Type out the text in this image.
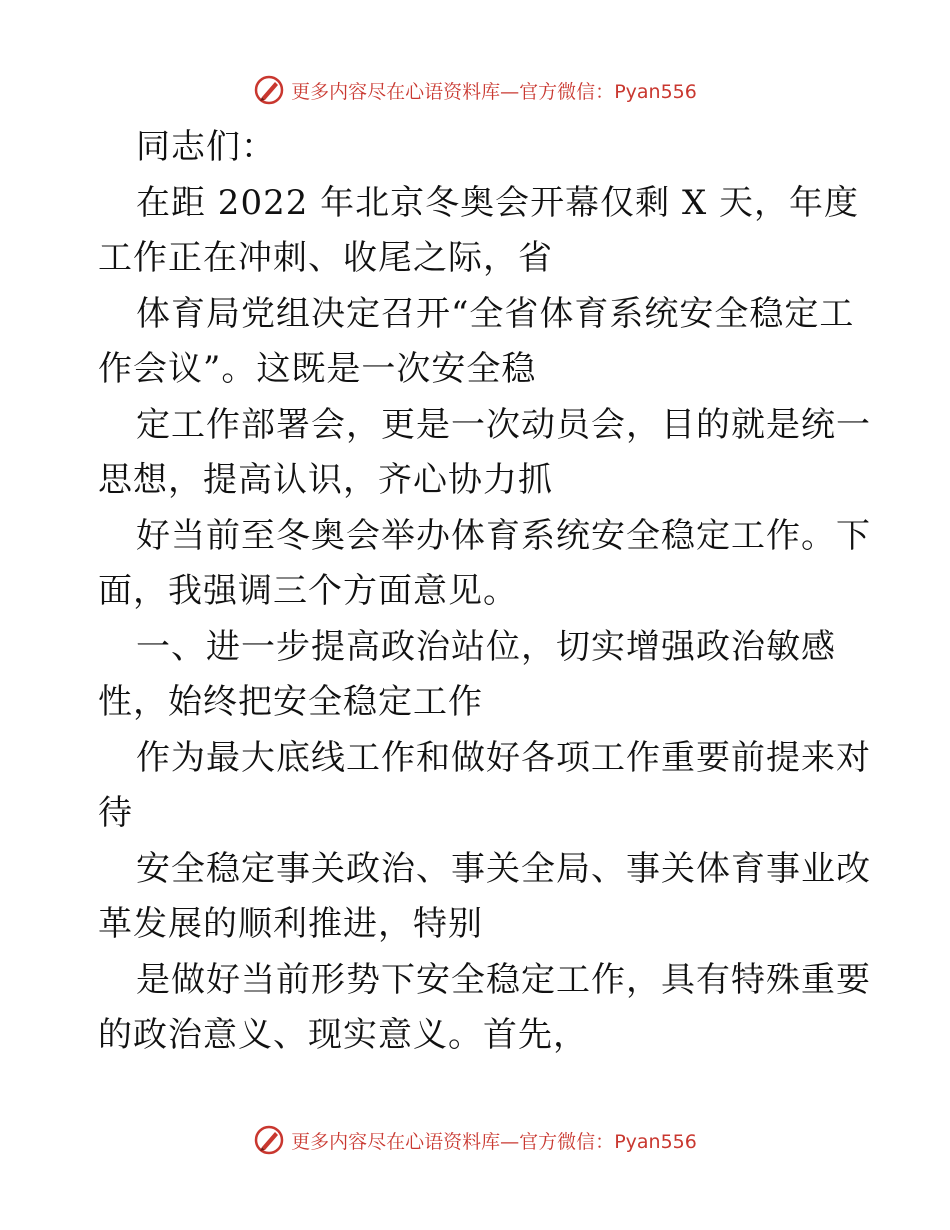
更多内容尽在心语资料库—官方微信：Pyan556
同志们：
在距 2022 年北京冬奥会开幕仅剩 X 天，年度
工作正在冲刺、收尾之际，省
体育局党组决定召开“全省体育系统安全稳定工
作会议”。这既是一次安全稳
定工作部署会，更是一次动员会，目的就是统一
思想，提高认识，齐心协力抓
好当前至冬奥会举办体育系统安全稳定工作。下
面，我强调三个方面意见。
一、进一步提高政治站位，切实增强政治敏感
性，始终把安全稳定工作
作为最大底线工作和做好各项工作重要前提来对
待
安全稳定事关政治、事关全局、事关体育事业改
革发展的顺利推进，特别
是做好当前形势下安全稳定工作，具有特殊重要
的政治意义、现实意义。首先，
更多内容尽在心语资料库—官方微信：Pyan556
